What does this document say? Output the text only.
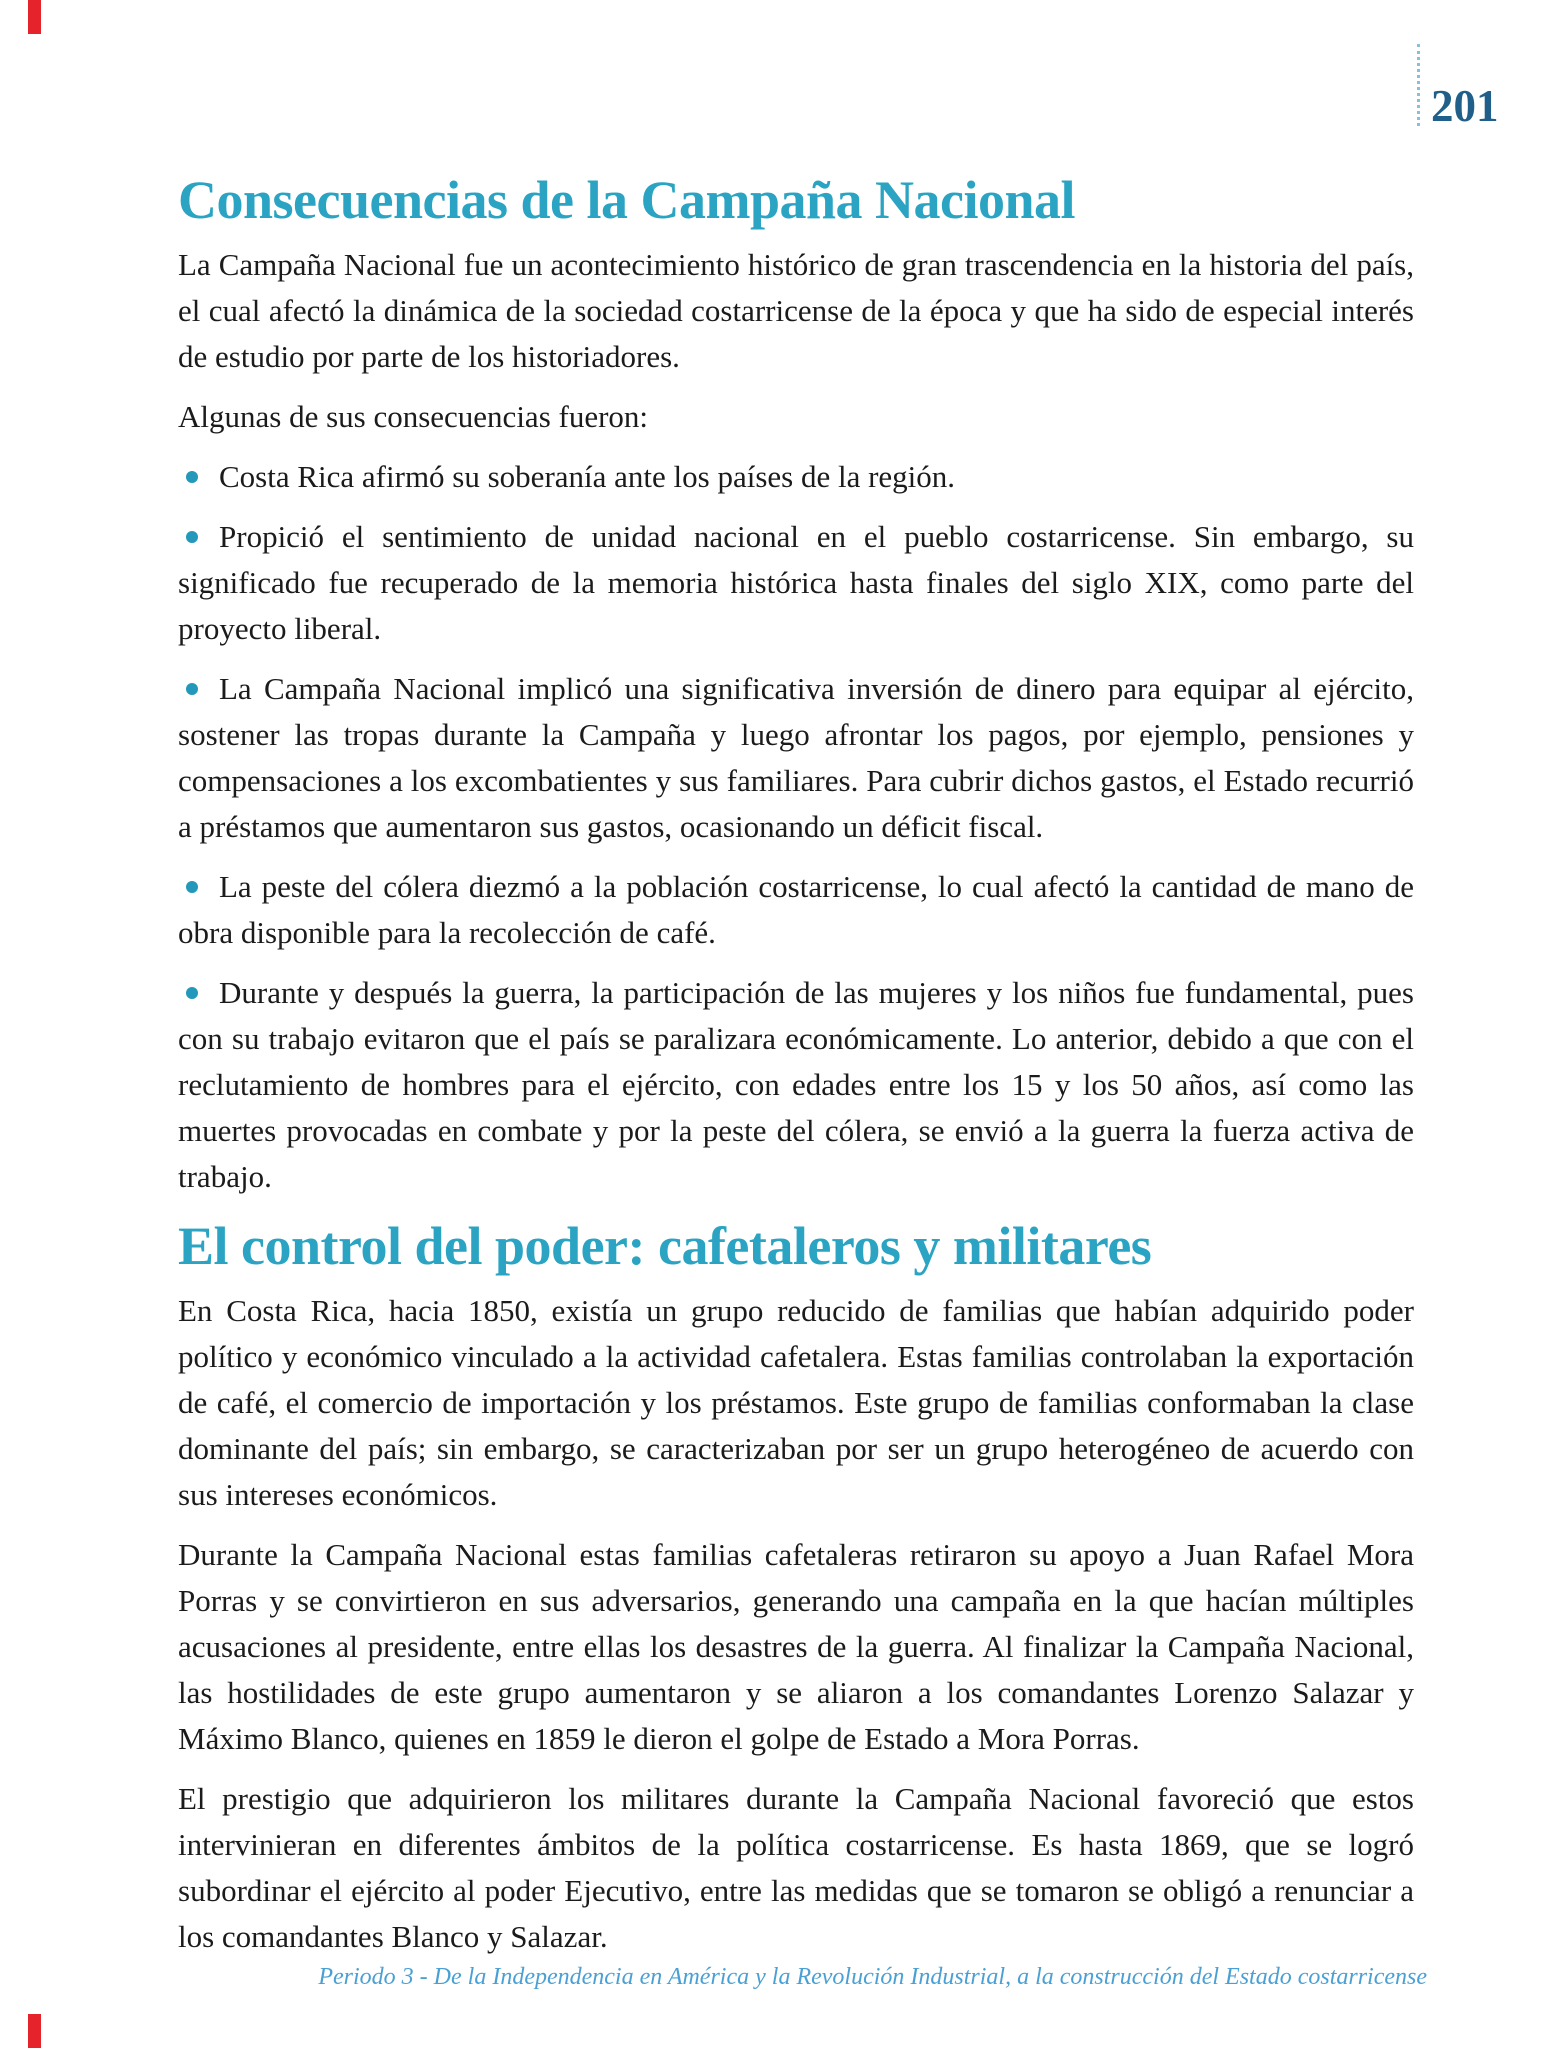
201
Consecuencias de la Campaña Nacional

La Campaña Nacional fue un acontecimiento histórico de gran trascendencia en la historia del país, el cual afectó la dinámica de la sociedad costarricense de la época y que ha sido de especial interés de estudio por parte de los historiadores.

Algunas de sus consecuencias fueron:

Costa Rica afirmó su soberanía ante los países de la región.
Propició el sentimiento de unidad nacional en el pueblo costarricense. Sin embargo, su significado fue recuperado de la memoria histórica hasta finales del siglo XIX, como parte del proyecto liberal.
La Campaña Nacional implicó una significativa inversión de dinero para equipar al ejército, sostener las tropas durante la Campaña y luego afrontar los pagos, por ejemplo, pensiones y compensaciones a los excombatientes y sus familiares. Para cubrir dichos gastos, el Estado recurrió a préstamos que aumentaron sus gastos, ocasionando un déficit fiscal.
La peste del cólera diezmó a la población costarricense, lo cual afectó la cantidad de mano de obra disponible para la recolección de café.
Durante y después la guerra, la participación de las mujeres y los niños fue fundamental, pues con su trabajo evitaron que el país se paralizara económicamente. Lo anterior, debido a que con el reclutamiento de hombres para el ejército, con edades entre los 15 y los 50 años, así como las muertes provocadas en combate y por la peste del cólera, se envió a la guerra la fuerza activa de trabajo.
El control del poder: cafetaleros y militares

En Costa Rica, hacia 1850, existía un grupo reducido de familias que habían adquirido poder político y económico vinculado a la actividad cafetalera. Estas familias controlaban la exportación de café, el comercio de importación y los préstamos. Este grupo de familias conformaban la clase dominante del país; sin embargo, se caracterizaban por ser un grupo heterogéneo de acuerdo con sus intereses económicos.

Durante la Campaña Nacional estas familias cafetaleras retiraron su apoyo a Juan Rafael Mora Porras y se convirtieron en sus adversarios, generando una campaña en la que hacían múltiples acusaciones al presidente, entre ellas los desastres de la guerra. Al finalizar la Campaña Nacional, las hostilidades de este grupo aumentaron y se aliaron a los comandantes Lorenzo Salazar y Máximo Blanco, quienes en 1859 le dieron el golpe de Estado a Mora Porras.

El prestigio que adquirieron los militares durante la Campaña Nacional favoreció que estos intervinieran en diferentes ámbitos de la política costarricense. Es hasta 1869, que se logró subordinar el ejército al poder Ejecutivo, entre las medidas que se tomaron se obligó a renunciar a los comandantes Blanco y Salazar.

Periodo 3 - De la Independencia en América y la Revolución Industrial, a la construcción del Estado costarricense
